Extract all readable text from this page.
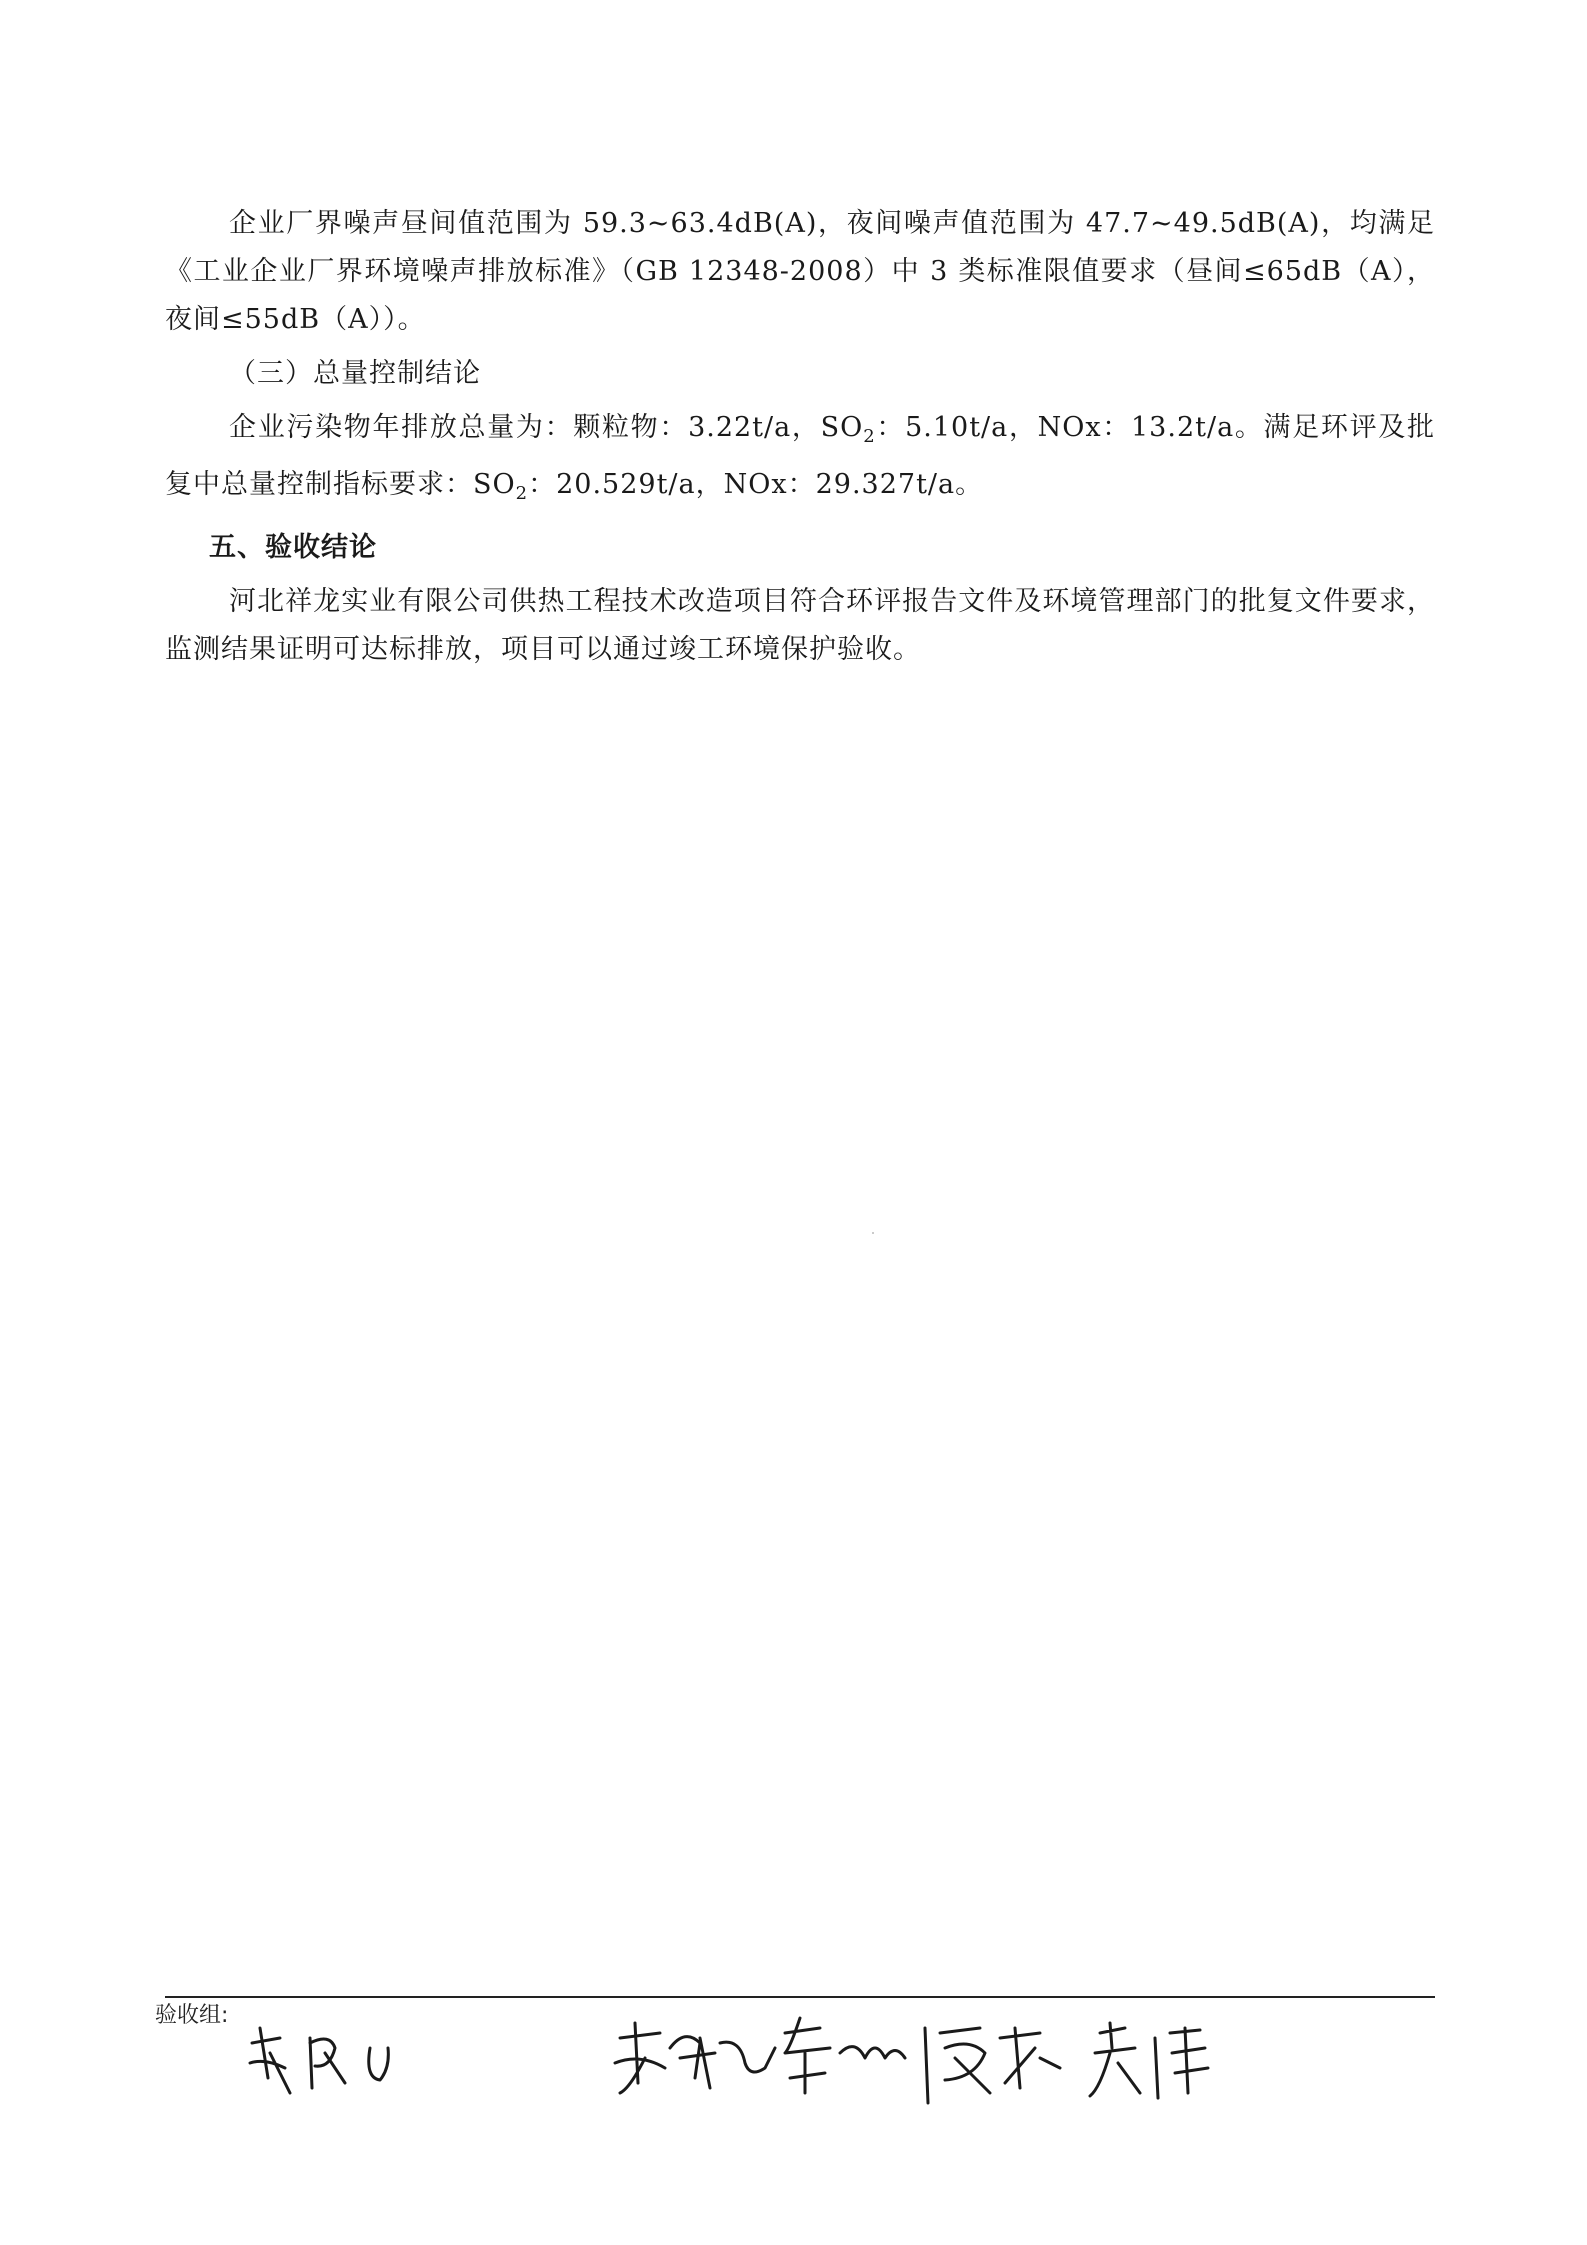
企业厂界噪声昼间值范围为 59.3~63.4dB(A)，夜间噪声值范围为 47.7~49.5dB(A)，均满足《工业企业厂界环境噪声排放标准》（GB 12348-2008）中 3 类标准限值要求（昼间≤65dB（A），夜间≤55dB（A））。

（三）总量控制结论

企业污染物年排放总量为：颗粒物：3.22t/a，$SO_2$：5.10t/a，NOx：13.2t/a。满足环评及批复中总量控制指标要求：$SO_2$：20.529t/a，NOx：29.327t/a。

五、验收结论

河北祥龙实业有限公司供热工程技术改造项目符合环评报告文件及环境管理部门的批复文件要求，监测结果证明可达标排放，项目可以通过竣工环境保护验收。

验收组:
